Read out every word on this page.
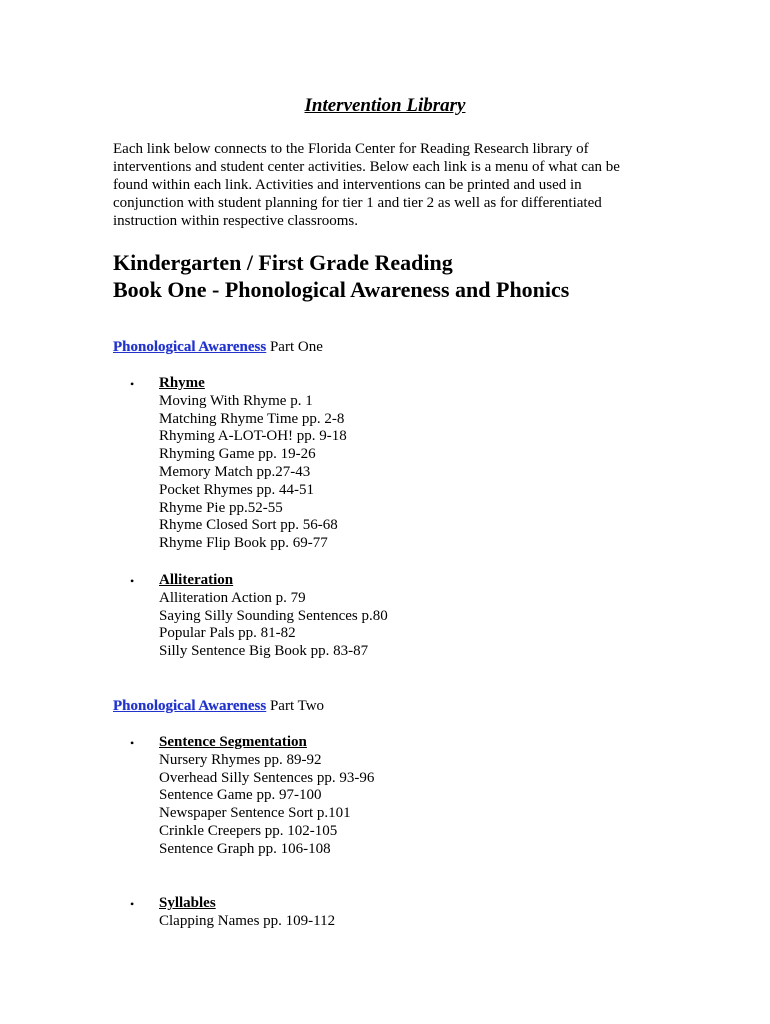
Intervention Library
Each link below connects to the Florida Center for Reading Research library of
interventions and student center activities. Below each link is a menu of what can be
found within each link. Activities and interventions can be printed and used in
conjunction with student planning for tier 1 and tier 2 as well as for differentiated
instruction within respective classrooms.
Kindergarten / First Grade Reading
Book One - Phonological Awareness and Phonics
Phonological Awareness Part One
• Rhyme
Moving With Rhyme p. 1
Matching Rhyme Time pp. 2-8
Rhyming A-LOT-OH! pp. 9-18
Rhyming Game pp. 19-26
Memory Match pp.27-43
Pocket Rhymes pp. 44-51
Rhyme Pie pp.52-55
Rhyme Closed Sort pp. 56-68
Rhyme Flip Book pp. 69-77
• Alliteration
Alliteration Action p. 79
Saying Silly Sounding Sentences p.80
Popular Pals pp. 81-82
Silly Sentence Big Book pp. 83-87
Phonological Awareness Part Two
• Sentence Segmentation
Nursery Rhymes pp. 89-92
Overhead Silly Sentences pp. 93-96
Sentence Game pp. 97-100
Newspaper Sentence Sort p.101
Crinkle Creepers pp. 102-105
Sentence Graph pp. 106-108
• Syllables
Clapping Names pp. 109-112
